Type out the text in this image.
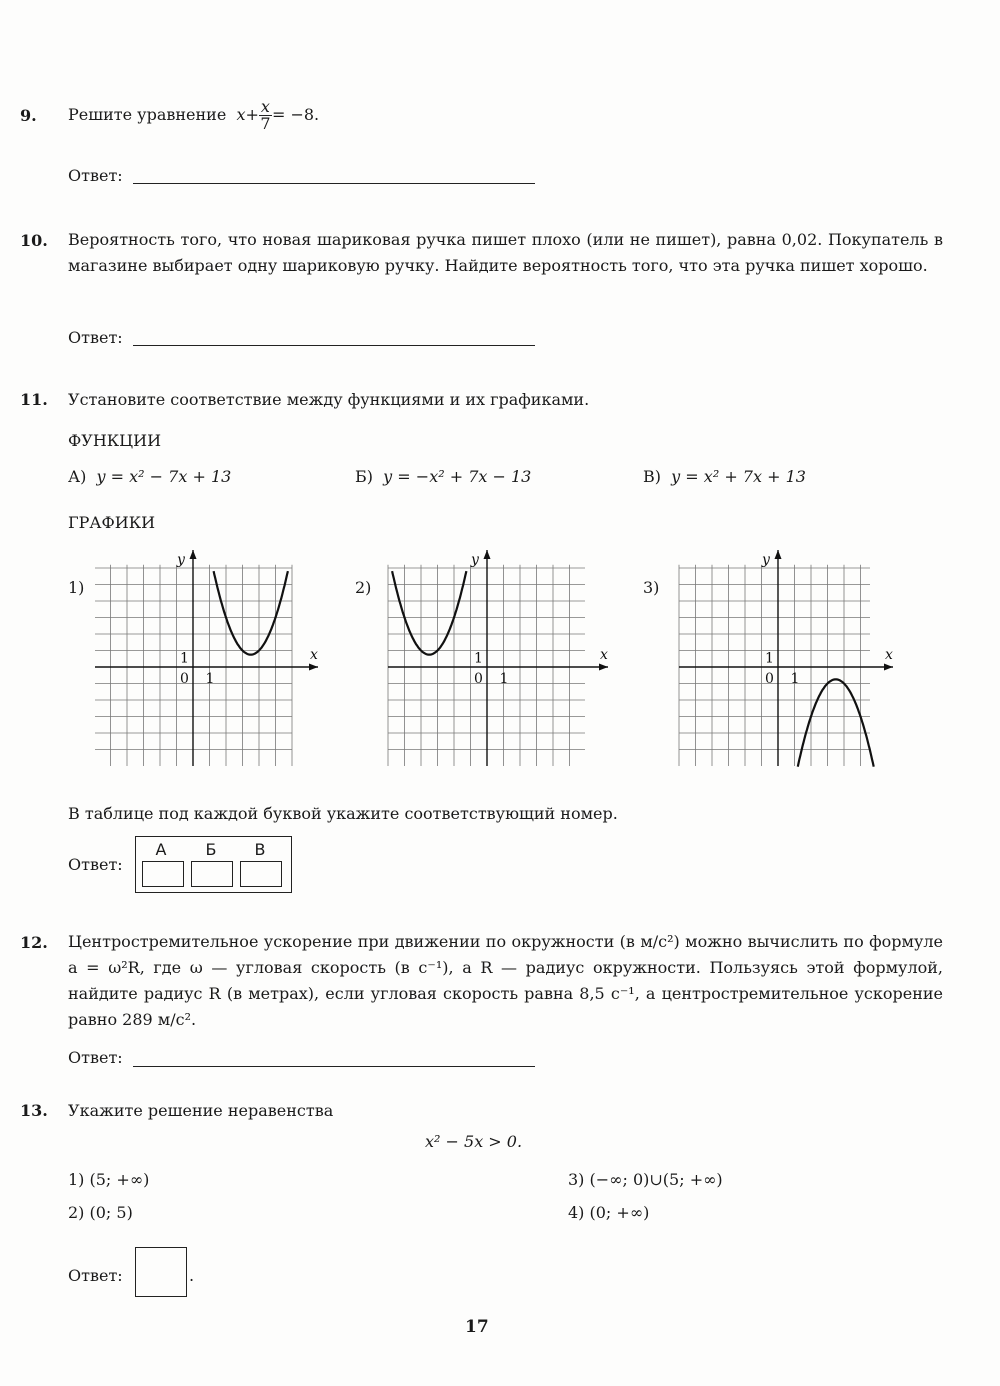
9. Решите уравнение $x+ \frac{x}{7} = -8$.
Ответ:
10. Вероятность того, что новая шариковая ручка пишет плохо (или не пишет), равна 0,02. Покупатель в магазине выбирает одну шариковую ручку. Найдите вероятность того, что эта ручка пишет хорошо.
Ответ:
11. Установите соответствие между функциями и их графиками.
ФУНКЦИИ
А) y = x² − 7x + 13	Б) y = −x² + 7x − 13	В) y = x² + 7x + 13
ГРАФИКИ
1)	2)	3)
y
x
0 1
1
y
x
0 1
1
y
x
0 1
1
В таблице под каждой буквой укажите соответствующий номер.
Ответ:
А	Б	В
12. Центростремительное ускорение при движении по окружности (в м/с²) можно вычислить по формуле a = ω²R, где ω — угловая скорость (в с⁻¹), а R — радиус окружности. Пользуясь этой формулой, найдите радиус R (в метрах), если угловая скорость равна 8,5 с⁻¹, а центростремительное ускорение равно 289 м/с².
Ответ:
13. Укажите решение неравенства
x² − 5x > 0.
1) (5; +∞)
2) (0; 5)
3) (−∞; 0)∪(5; +∞)
4) (0; +∞)
Ответ:	.
17
